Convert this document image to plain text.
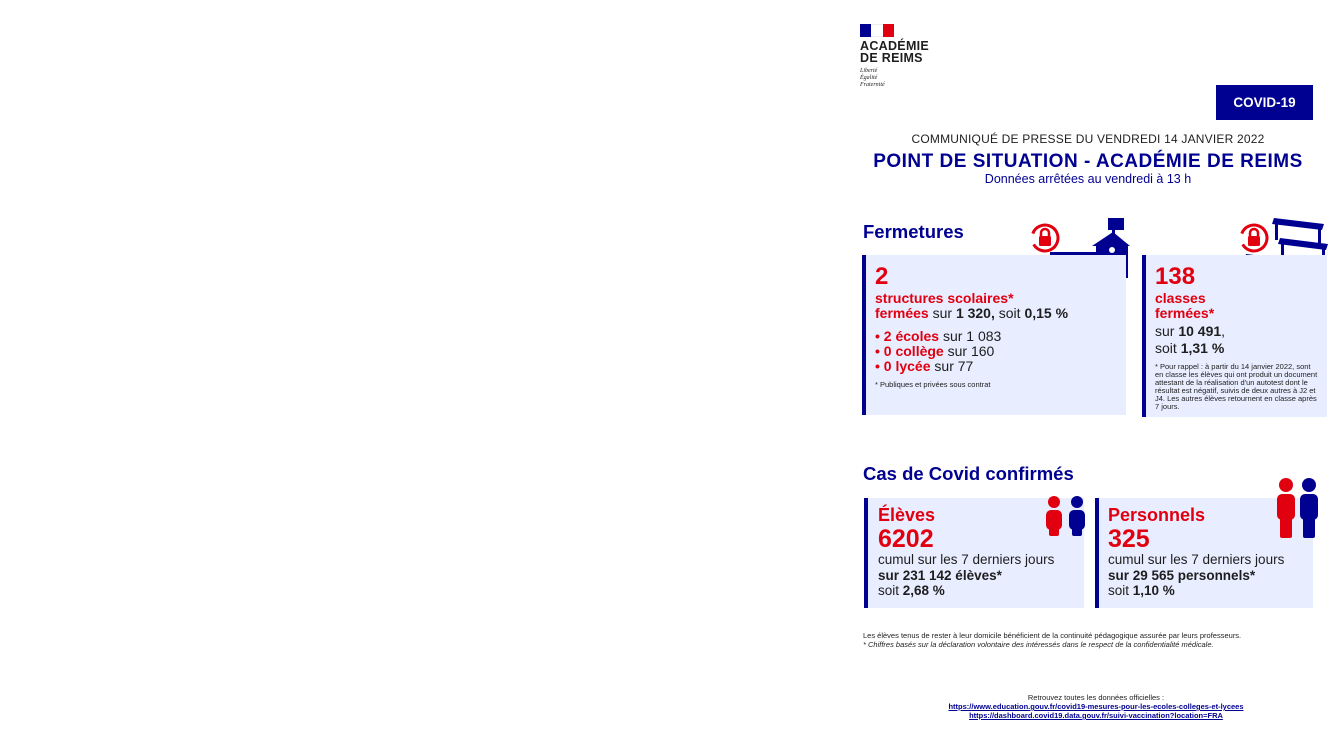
ACADÉMIE
DE REIMS
Liberté
Égalité
Fraternité
COVID-19
COMMUNIQUÉ DE PRESSE DU VENDREDI 14 JANVIER 2022
POINT DE SITUATION - ACADÉMIE DE REIMS
Données arrêtées au vendredi à 13 h
Fermetures
2
structures scolaires*
fermées sur 1 320, soit 0,15 %
• 2 écoles sur 1 083
• 0 collège sur 160
• 0 lycée sur 77
* Publiques et privées sous contrat
138
classes
fermées*
sur 10 491,
soit 1,31 %
* Pour rappel : à partir du 14 janvier 2022, sont en classe les élèves qui ont produit un document attestant de la réalisation d'un autotest dont le résultat est négatif, suivis de deux autres à J2 et J4. Les autres élèves retournent en classe après 7 jours.
Cas de Covid confirmés
Élèves
6202
cumul sur les 7 derniers jours
sur 231 142 élèves*
soit 2,68 %
Personnels
325
cumul sur les 7 derniers jours
sur 29 565 personnels*
soit 1,10 %
Les élèves tenus de rester à leur domicile bénéficient de la continuité pédagogique assurée par leurs professeurs.
* Chiffres basés sur la déclaration volontaire des intéressés dans le respect de la confidentialité médicale.
Retrouvez toutes les données officielles :
https://www.education.gouv.fr/covid19-mesures-pour-les-ecoles-colleges-et-lycees
https://dashboard.covid19.data.gouv.fr/suivi-vaccination?location=FRA
